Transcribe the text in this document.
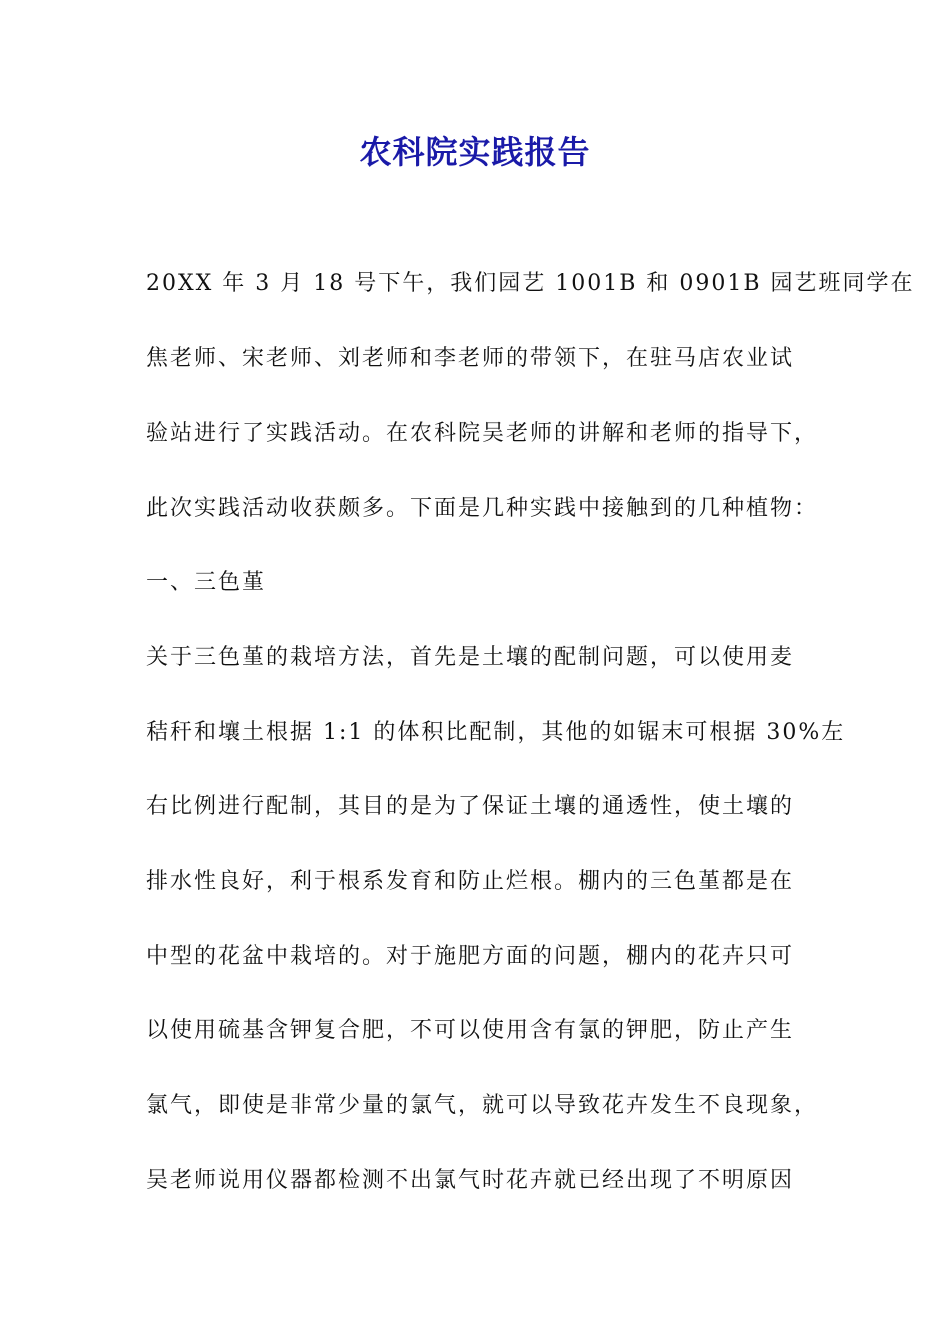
农科院实践报告

20XX 年 3 月 18 号下午，我们园艺 1001B 和 0901B 园艺班同学在

焦老师、宋老师、刘老师和李老师的带领下，在驻马店农业试

验站进行了实践活动。在农科院吴老师的讲解和老师的指导下，

此次实践活动收获颇多。下面是几种实践中接触到的几种植物：

一、三色堇

关于三色堇的栽培方法，首先是土壤的配制问题，可以使用麦

秸秆和壤土根据 1:1 的体积比配制，其他的如锯末可根据 30%左

右比例进行配制，其目的是为了保证土壤的通透性，使土壤的

排水性良好，利于根系发育和防止烂根。棚内的三色堇都是在

中型的花盆中栽培的。对于施肥方面的问题，棚内的花卉只可

以使用硫基含钾复合肥，不可以使用含有氯的钾肥，防止产生

氯气，即使是非常少量的氯气，就可以导致花卉发生不良现象，

吴老师说用仪器都检测不出氯气时花卉就已经出现了不明原因
